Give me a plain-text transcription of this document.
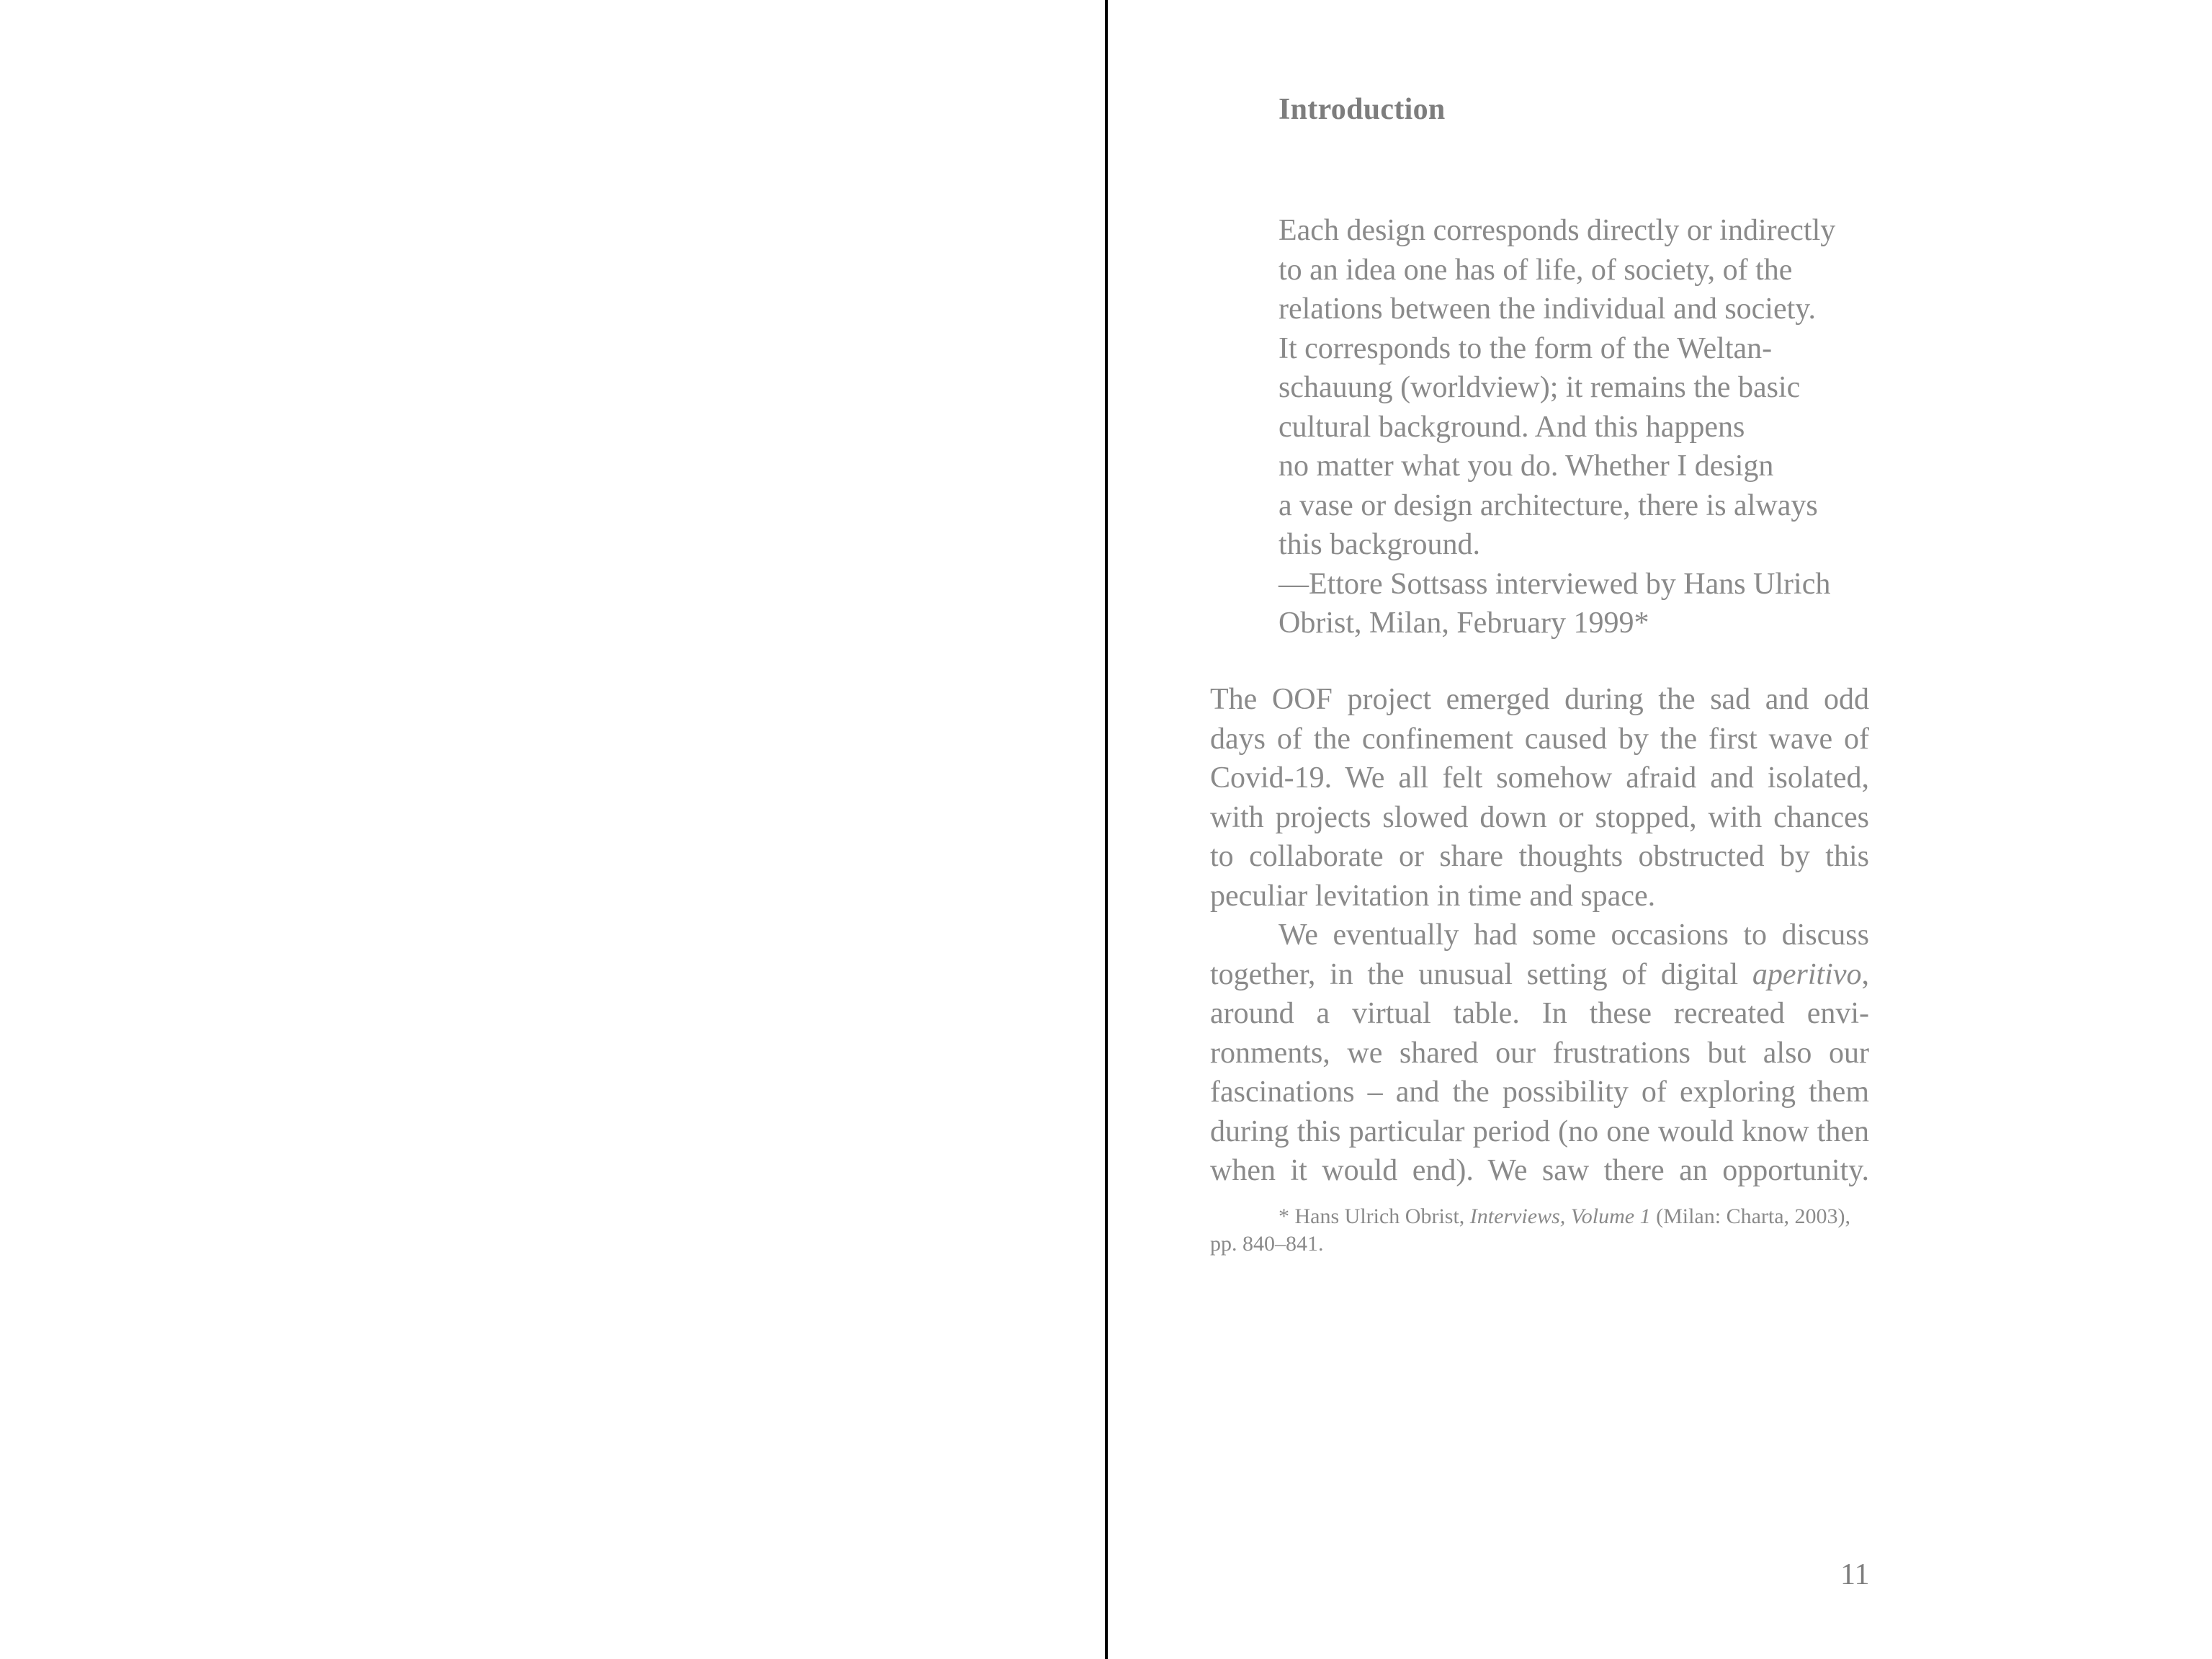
Introduction
Each design corresponds directly or indirectly
to an idea one has of life, of society, of the
relations between the individual and society.
It corresponds to the form of the Weltan-
schauung (worldview); it remains the basic
cultural background. And this happens
no matter what you do. Whether I design
a vase or design architecture, there is always
this background.
—Ettore Sottsass interviewed by Hans Ulrich
Obrist, Milan, February 1999*
The OOF project emerged during the sad and odd
days of the confinement caused by the first wave of
Covid-19. We all felt somehow afraid and isolated,
with projects slowed down or stopped, with chances
to collaborate or share thoughts obstructed by this
peculiar levitation in time and space.
We eventually had some occasions to discuss
together, in the unusual setting of digital aperitivo,
around a virtual table. In these recreated envi-
ronments, we shared our frustrations but also our
fascinations – and the possibility of exploring them
during this particular period (no one would know then
when it would end). We saw there an opportunity.
* Hans Ulrich Obrist, Interviews, Volume 1 (Milan: Charta, 2003),
pp. 840–841.
11
